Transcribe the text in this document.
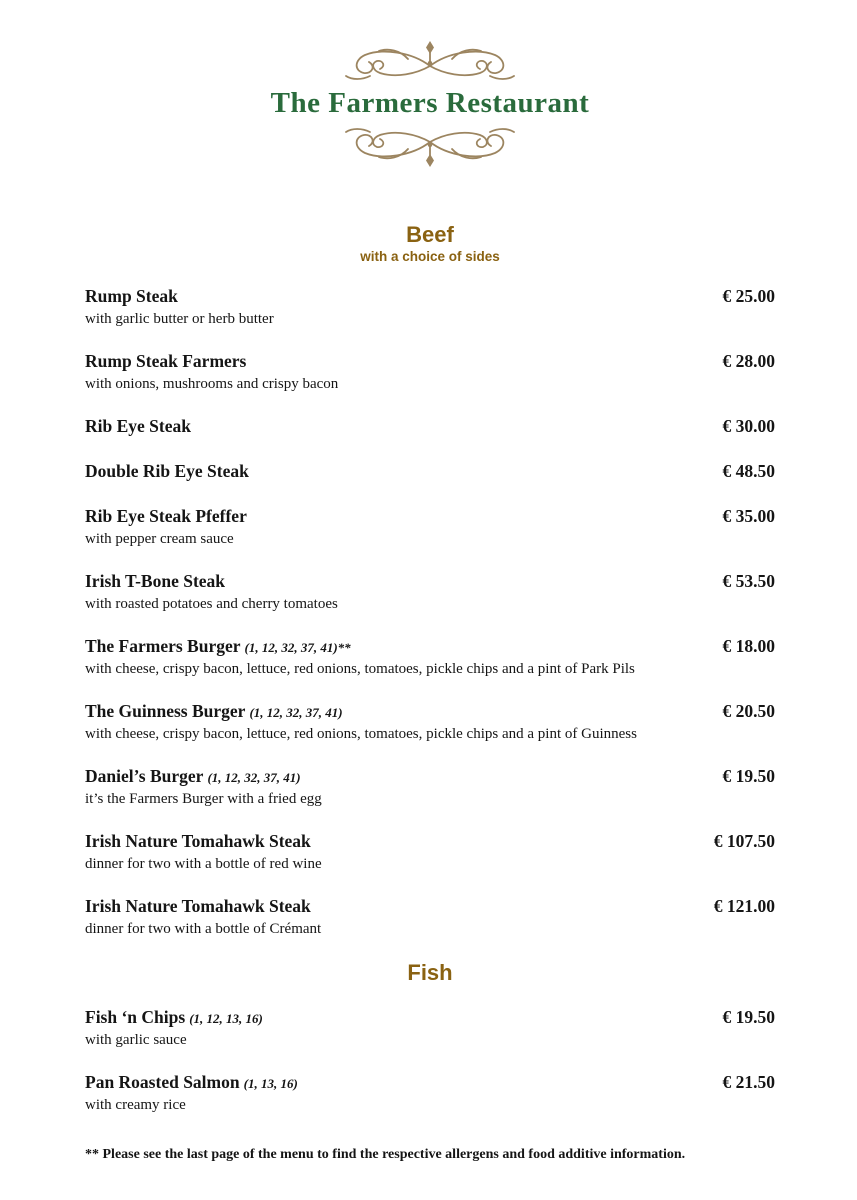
The Farmers Restaurant
Beef
with a choice of sides
Rump Steak	€ 25.00
with garlic butter or herb butter
Rump Steak Farmers	€ 28.00
with onions, mushrooms and crispy bacon
Rib Eye Steak	€ 30.00
Double Rib Eye Steak	€ 48.50
Rib Eye Steak Pfeffer	€ 35.00
with pepper cream sauce
Irish T-Bone Steak	€ 53.50
with roasted potatoes and cherry tomatoes
The Farmers Burger (1, 12, 32, 37, 41)**	€ 18.00
with cheese, crispy bacon, lettuce, red onions, tomatoes, pickle chips and a pint of Park Pils
The Guinness Burger (1, 12, 32, 37, 41)	€ 20.50
with cheese, crispy bacon, lettuce, red onions, tomatoes, pickle chips and a pint of Guinness
Daniel’s Burger (1, 12, 32, 37, 41)	€ 19.50
it’s the Farmers Burger with a fried egg
Irish Nature Tomahawk Steak	€ 107.50
dinner for two with a bottle of red wine
Irish Nature Tomahawk Steak	€ 121.00
dinner for two with a bottle of Crémant
Fish
Fish ‘n Chips (1, 12, 13, 16)	€ 19.50
with garlic sauce
Pan Roasted Salmon (1, 13, 16)	€ 21.50
with creamy rice
** Please see the last page of the menu to find the respective allergens and food additive information.
